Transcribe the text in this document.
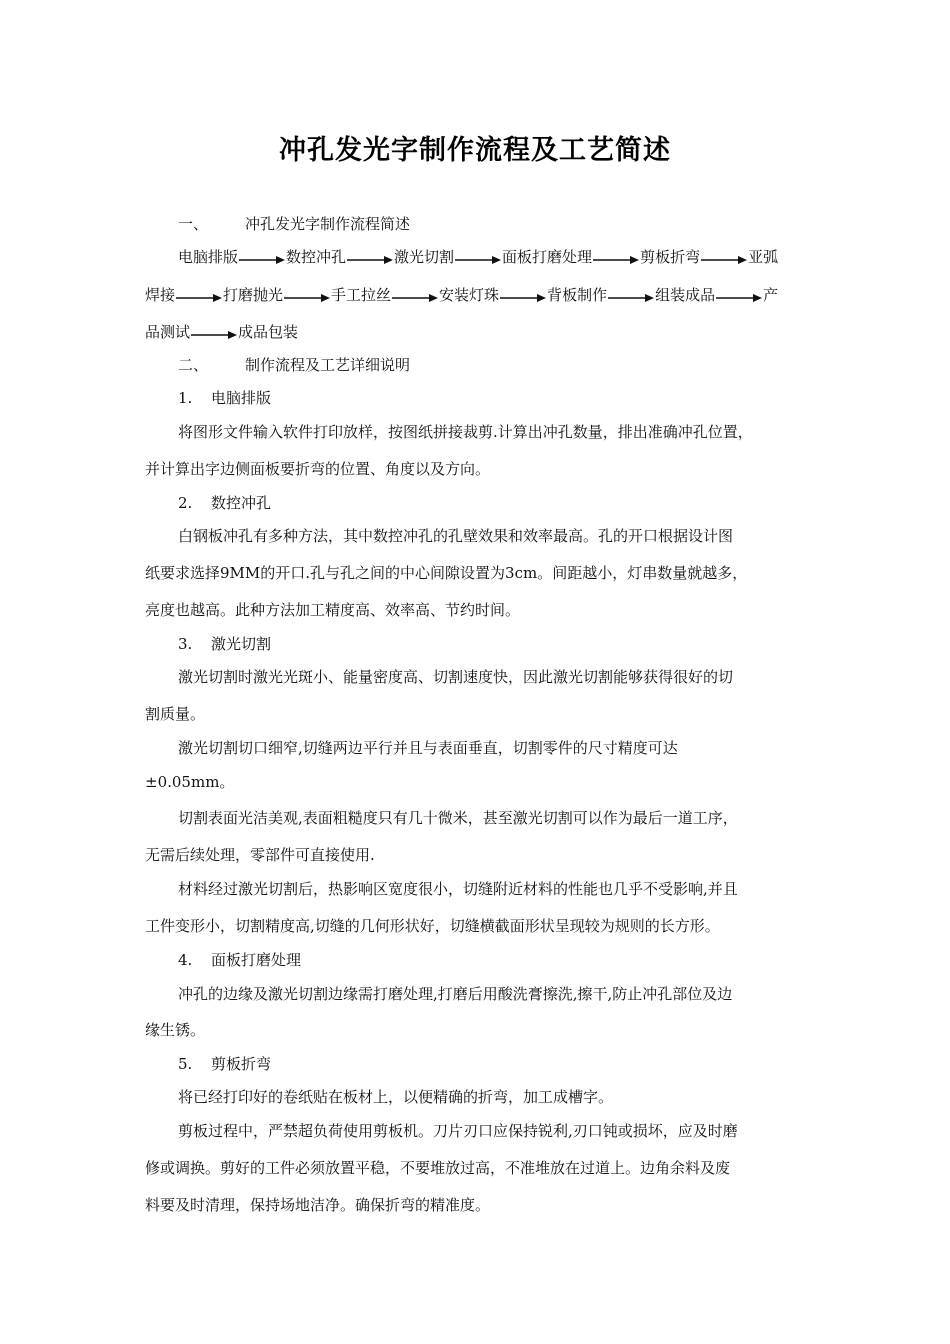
冲孔发光字制作流程及工艺简述
一、 冲孔发光字制作流程简述
电脑排版	数控冲孔	激光切割	面板打磨处理	剪板折弯	亚弧
焊接	打磨抛光	手工拉丝	安装灯珠	背板制作	组装成品	产
品测试	成品包装
二、 制作流程及工艺详细说明
1. 电脑排版
将图形文件输入软件打印放样，按图纸拼接裁剪.计算出冲孔数量，排出准确冲孔位置，
并计算出字边侧面板要折弯的位置、角度以及方向。
2. 数控冲孔
白钢板冲孔有多种方法，其中数控冲孔的孔壁效果和效率最高。孔的开口根据设计图
纸要求选择9MM的开口.孔与孔之间的中心间隙设置为3cm。间距越小，灯串数量就越多，
亮度也越高。此种方法加工精度高、效率高、节约时间。
3. 激光切割
激光切割时激光光斑小、能量密度高、切割速度快，因此激光切割能够获得很好的切
割质量。
激光切割切口细窄,切缝两边平行并且与表面垂直，切割零件的尺寸精度可达
±0.05mm。
切割表面光洁美观,表面粗糙度只有几十微米，甚至激光切割可以作为最后一道工序，
无需后续处理，零部件可直接使用.
材料经过激光切割后，热影响区宽度很小，切缝附近材料的性能也几乎不受影响,并且
工件变形小，切割精度高,切缝的几何形状好，切缝横截面形状呈现较为规则的长方形。
4. 面板打磨处理
冲孔的边缘及激光切割边缘需打磨处理,打磨后用酸洗膏擦洗,擦干,防止冲孔部位及边
缘生锈。
5. 剪板折弯
将已经打印好的卷纸贴在板材上，以便精确的折弯，加工成槽字。
剪板过程中，严禁超负荷使用剪板机。刀片刃口应保持锐利,刃口钝或损坏，应及时磨
修或调换。剪好的工件必须放置平稳，不要堆放过高，不准堆放在过道上。边角余料及废
料要及时清理，保持场地洁净。确保折弯的精准度。
